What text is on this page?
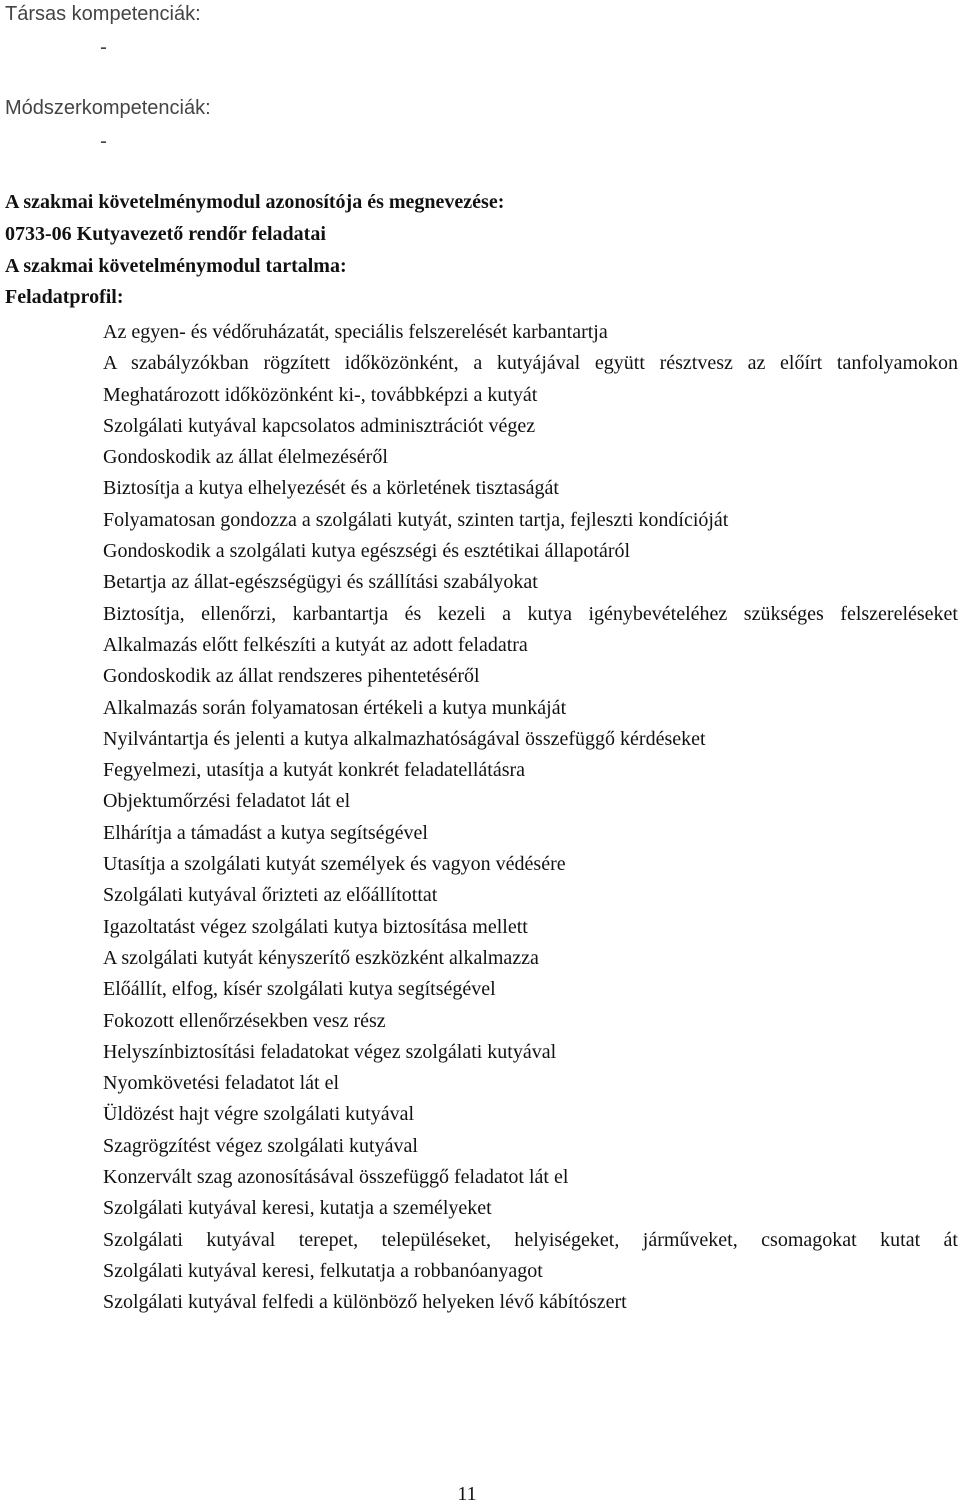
Társas kompetenciák:
-
Módszerkompetenciák:
-
A szakmai követelménymodul azonosítója és megnevezése:
0733-06 Kutyavezető rendőr feladatai
A szakmai követelménymodul tartalma:
Feladatprofil:
Az egyen- és védőruházatát, speciális felszerelését karbantartja
A szabályzókban rögzített időközönként, a kutyájával együtt résztvesz az előírt tanfolyamokon
Meghatározott időközönként ki-, továbbképzi a kutyát
Szolgálati kutyával kapcsolatos adminisztrációt végez
Gondoskodik az állat élelmezéséről
Biztosítja a kutya elhelyezését és a körletének tisztaságát
Folyamatosan gondozza a szolgálati kutyát, szinten tartja, fejleszti kondícióját
Gondoskodik a szolgálati kutya egészségi és esztétikai állapotáról
Betartja az állat-egészségügyi és szállítási szabályokat
Biztosítja, ellenőrzi, karbantartja és kezeli a kutya igénybevételéhez szükséges felszereléseket
Alkalmazás előtt felkészíti a kutyát az adott feladatra
Gondoskodik az állat rendszeres pihentetéséről
Alkalmazás során folyamatosan értékeli a kutya munkáját
Nyilvántartja és jelenti a kutya alkalmazhatóságával összefüggő kérdéseket
Fegyelmezi, utasítja a kutyát konkrét feladatellátásra
Objektumőrzési feladatot lát el
Elhárítja a támadást a kutya segítségével
Utasítja a szolgálati kutyát személyek és vagyon védésére
Szolgálati kutyával őrizteti az előállítottat
Igazoltatást végez szolgálati kutya biztosítása mellett
A szolgálati kutyát kényszerítő eszközként alkalmazza
Előállít, elfog, kísér szolgálati kutya segítségével
Fokozott ellenőrzésekben vesz rész
Helyszínbiztosítási feladatokat végez szolgálati kutyával
Nyomkövetési feladatot lát el
Üldözést hajt végre szolgálati kutyával
Szagrögzítést végez szolgálati kutyával
Konzervált szag azonosításával összefüggő feladatot lát el
Szolgálati kutyával keresi, kutatja a személyeket
Szolgálati kutyával terepet, településeket, helyiségeket, járműveket, csomagokat kutat át
Szolgálati kutyával keresi, felkutatja a robbanóanyagot
Szolgálati kutyával felfedi a különböző helyeken lévő kábítószert
11
